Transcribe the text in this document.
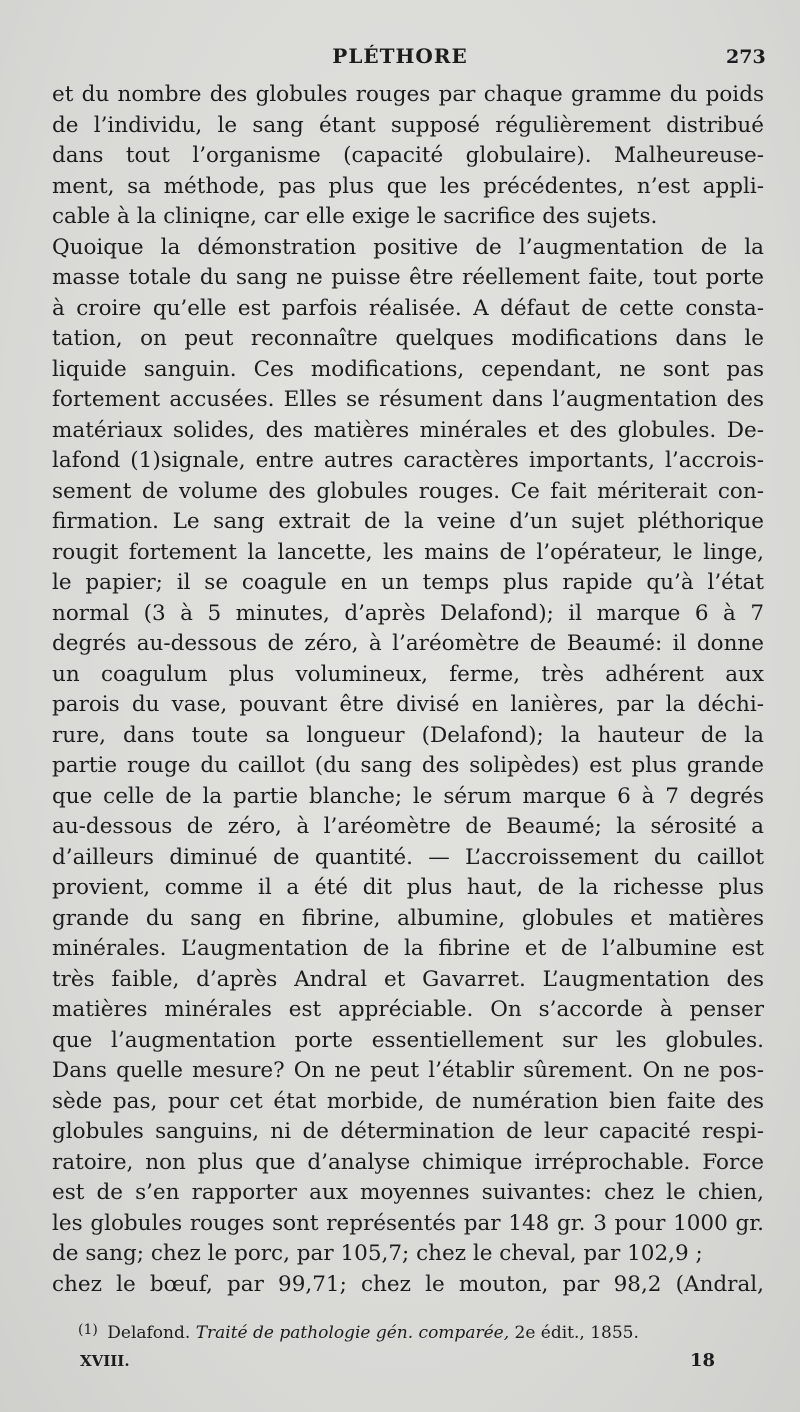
PLÉTHORE	273
et du nombre des globules rouges par chaque gramme du poids
de l’individu, le sang étant supposé régulièrement distribué
dans tout l’organisme (capacité globulaire). Malheureuse-
ment, sa méthode, pas plus que les précédentes, n’est appli-
cable à la cliniqne, car elle exige le sacrifice des sujets.
Quoique la démonstration positive de l’augmentation de la
masse totale du sang ne puisse être réellement faite, tout porte
à croire qu’elle est parfois réalisée. A défaut de cette consta-
tation, on peut reconnaître quelques modifications dans le
liquide sanguin. Ces modifications, cependant, ne sont pas
fortement accusées. Elles se résument dans l’augmentation des
matériaux solides, des matières minérales et des globules. De-
lafond (1)signale, entre autres caractères importants, l’accrois-
sement de volume des globules rouges. Ce fait mériterait con-
firmation. Le sang extrait de la veine d’un sujet pléthorique
rougit fortement la lancette, les mains de l’opérateur, le linge,
le papier; il se coagule en un temps plus rapide qu’à l’état
normal (3 à 5 minutes, d’après Delafond); il marque 6 à 7
degrés au-dessous de zéro, à l’aréomètre de Beaumé: il donne
un coagulum plus volumineux, ferme, très adhérent aux
parois du vase, pouvant être divisé en lanières, par la déchi-
rure, dans toute sa longueur (Delafond); la hauteur de la
partie rouge du caillot (du sang des solipèdes) est plus grande
que celle de la partie blanche; le sérum marque 6 à 7 degrés
au-dessous de zéro, à l’aréomètre de Beaumé; la sérosité a
d’ailleurs diminué de quantité. — L’accroissement du caillot
provient, comme il a été dit plus haut, de la richesse plus
grande du sang en fibrine, albumine, globules et matières
minérales. L’augmentation de la fibrine et de l’albumine est
très faible, d’après Andral et Gavarret. L’augmentation des
matières minérales est appréciable. On s’accorde à penser
que l’augmentation porte essentiellement sur les globules.
Dans quelle mesure? On ne peut l’établir sûrement. On ne pos-
sède pas, pour cet état morbide, de numération bien faite des
globules sanguins, ni de détermination de leur capacité respi-
ratoire, non plus que d’analyse chimique irréprochable. Force
est de s’en rapporter aux moyennes suivantes: chez le chien,
les globules rouges sont représentés par 148 gr. 3 pour 1000 gr.
de sang; chez le porc, par 105,7; chez le cheval, par 102,9 ;
chez le bœuf, par 99,71; chez le mouton, par 98,2 (Andral,
$^{(1)}$ Delafond. Traité de pathologie gén. comparée, 2e édit., 1855.
XVIII.	18
